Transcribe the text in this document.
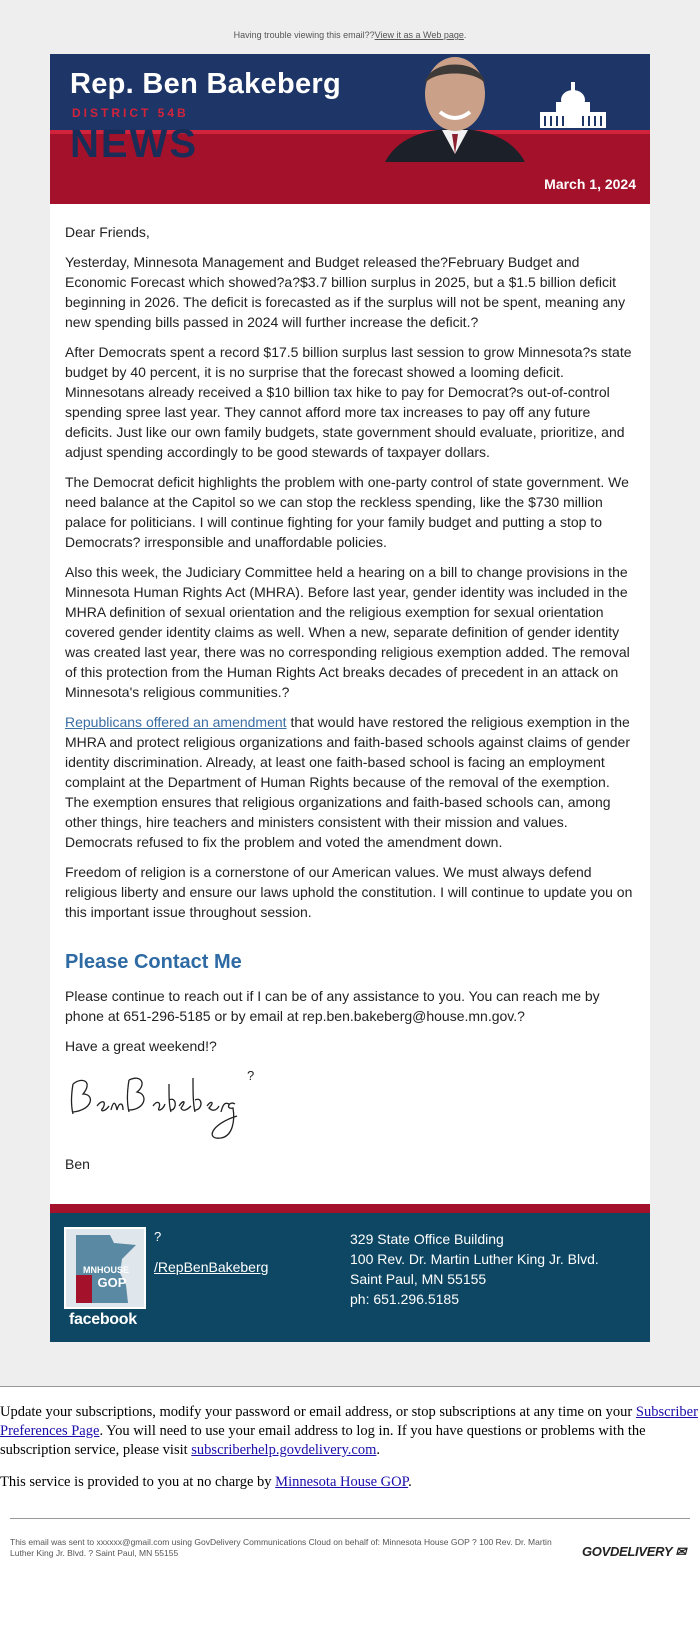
Having trouble viewing this email??View it as a Web page.
Rep. Ben Bakeberg
DISTRICT 54B
NEWS
March 1, 2024

Dear Friends,

Yesterday, Minnesota Management and Budget released the?February Budget and Economic Forecast which showed?a?$3.7 billion surplus in 2025, but a $1.5 billion deficit beginning in 2026. The deficit is forecasted as if the surplus will not be spent, meaning any new spending bills passed in 2024 will further increase the deficit.?

After Democrats spent a record $17.5 billion surplus last session to grow Minnesota?s state budget by 40 percent, it is no surprise that the forecast showed a looming deficit. Minnesotans already received a $10 billion tax hike to pay for Democrat?s out-of-control spending spree last year. They cannot afford more tax increases to pay off any future deficits. Just like our own family budgets, state government should evaluate, prioritize, and adjust spending accordingly to be good stewards of taxpayer dollars.

The Democrat deficit highlights the problem with one-party control of state government. We need balance at the Capitol so we can stop the reckless spending, like the $730 million palace for politicians. I will continue fighting for your family budget and putting a stop to Democrats? irresponsible and unaffordable policies.

Also this week, the Judiciary Committee held a hearing on a bill to change provisions in the Minnesota Human Rights Act (MHRA). Before last year, gender identity was included in the MHRA definition of sexual orientation and the religious exemption for sexual orientation covered gender identity claims as well. When a new, separate definition of gender identity was created last year, there was no corresponding religious exemption added. The removal of this protection from the Human Rights Act breaks decades of precedent in an attack on Minnesota's religious communities.?

Republicans offered an amendment that would have restored the religious exemption in the MHRA and protect religious organizations and faith-based schools against claims of gender identity discrimination. Already, at least one faith-based school is facing an employment complaint at the Department of Human Rights because of the removal of the exemption. The exemption ensures that religious organizations and faith-based schools can, among other things, hire teachers and ministers consistent with their mission and values. Democrats refused to fix the problem and voted the amendment down.

Freedom of religion is a cornerstone of our American values. We must always defend religious liberty and ensure our laws uphold the constitution. I will continue to update you on this important issue throughout session.

Please Contact Me

Please continue to reach out if I can be of any assistance to you. You can reach me by phone at 651-296-5185 or by email at rep.ben.bakeberg@house.mn.gov.?

Have a great weekend!?

?

Ben

MNHOUSE
GOP
facebook
?
/RepBenBakeberg
329 State Office Building
100 Rev. Dr. Martin Luther King Jr. Blvd.
Saint Paul, MN 55155
ph: 651.296.5185

Update your subscriptions, modify your password or email address, or stop subscriptions at any time on your Subscriber Preferences Page. You will need to use your email address to log in. If you have questions or problems with the subscription service, please visit subscriberhelp.govdelivery.com.

This service is provided to you at no charge by Minnesota House GOP.

This email was sent to xxxxxx@gmail.com using GovDelivery Communications Cloud on behalf of: Minnesota House GOP ? 100 Rev. Dr. Martin Luther King Jr. Blvd. ? Saint Paul, MN 55155	GOVDELIVERY ✉
